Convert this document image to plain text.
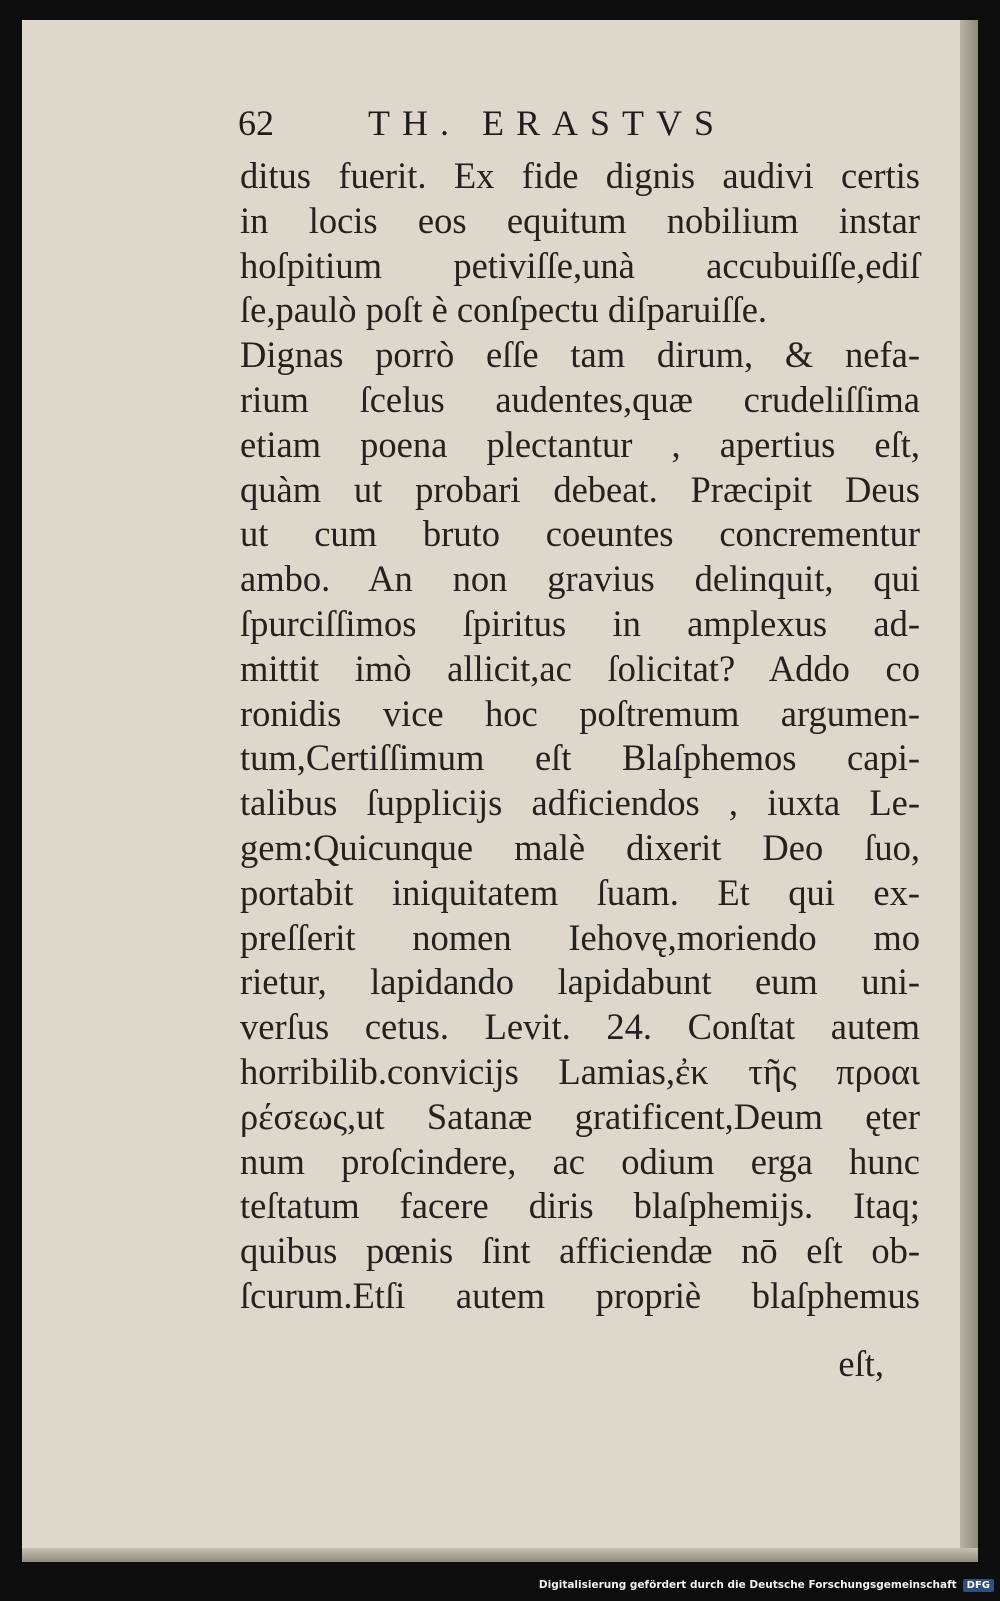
62	TH. ERASTVS
ditus fuerit. Ex fide dignis audivi certis
in locis eos equitum nobilium instar
hoſpitium petiviſſe,unà accubuiſſe,ediſ
ſe,paulò poſt è conſpectu diſparuiſſe.
Dignas porrò eſſe tam dirum, & nefa-
rium ſcelus audentes,quæ crudeliſſima
etiam poena plectantur , apertius eſt,
quàm ut probari debeat. Præcipit Deus
ut cum bruto coeuntes concrementur
ambo. An non gravius delinquit, qui
ſpurciſſimos ſpiritus in amplexus ad-
mittit imò allicit,ac ſolicitat? Addo co
ronidis vice hoc poſtremum argumen-
tum,Certiſſimum eſt Blaſphemos capi-
talibus ſupplicijs adficiendos , iuxta Le-
gem:Quicunque malè dixerit Deo ſuo,
portabit iniquitatem ſuam. Et qui ex-
preſſerit nomen Iehovę,moriendo mo
rietur, lapidando lapidabunt eum uni-
verſus cetus. Levit. 24. Conſtat autem
horribilib.convicijs Lamias,ἐκ τῆς προαι
ρέσεως,ut Satanæ gratificent,Deum ęter
num proſcindere, ac odium erga hunc
teſtatum facere diris blaſphemijs. Itaq;
quibus pœnis ſint afficiendæ nō eſt ob-
ſcurum.Etſi autem propriè blaſphemus
eſt,
Digitalisierung gefördert durch die Deutsche Forschungsgemeinschaft	DFG
